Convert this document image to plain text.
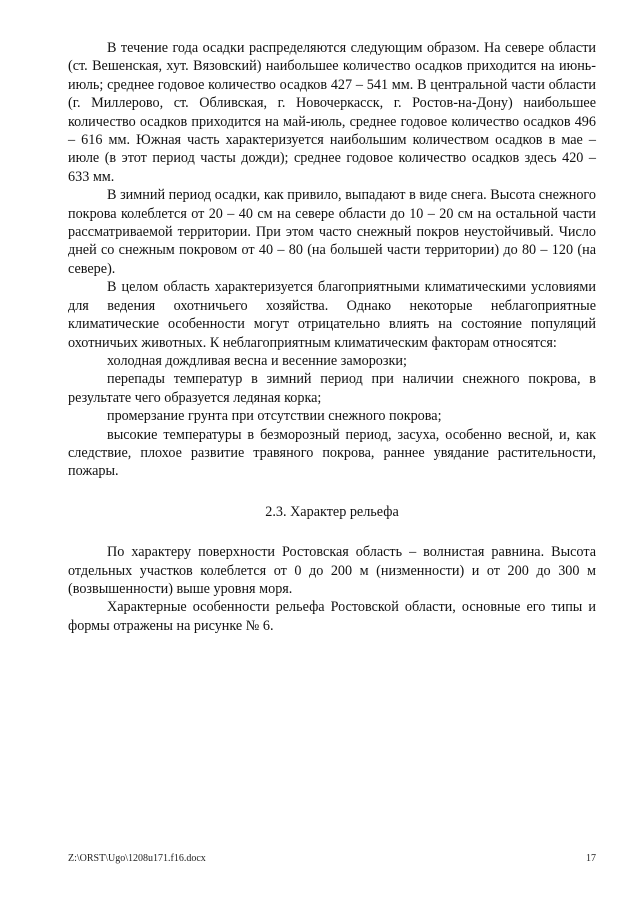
В течение года осадки распределяются следующим образом. На севере области (ст. Вешенская, хут. Вязовский) наибольшее количество осадков приходится на июнь-июль; среднее годовое количество осадков 427 – 541 мм. В центральной части области (г. Миллерово, ст. Обливская, г. Новочеркасск, г. Ростов-на-Дону) наибольшее количество осадков приходится на май-июль, среднее годовое количество осадков 496 – 616 мм. Южная часть характеризуется наибольшим количеством осадков в мае – июле (в этот период часты дожди); среднее годовое количество осадков здесь 420 – 633 мм.

В зимний период осадки, как привило, выпадают в виде снега. Высота снежного покрова колеблется от 20 – 40 см на севере области до 10 – 20 см на остальной части рассматриваемой территории. При этом часто снежный покров неустойчивый. Число дней со снежным покровом от 40 – 80 (на большей части территории) до 80 – 120 (на севере).

В целом область характеризуется благоприятными климатическими условиями для ведения охотничьего хозяйства. Однако некоторые неблагоприятные климатические особенности могут отрицательно влиять на состояние популяций охотничьих животных. К неблагоприятным климатическим факторам относятся:

холодная дождливая весна и весенние заморозки;

перепады температур в зимний период при наличии снежного покрова, в результате чего образуется ледяная корка;

промерзание грунта при отсутствии снежного покрова;

высокие температуры в безморозный период, засуха, особенно весной, и, как следствие, плохое развитие травяного покрова, раннее увядание растительности, пожары.

2.3. Характер рельефа

По характеру поверхности Ростовская область – волнистая равнина. Высота отдельных участков колеблется от 0 до 200 м (низменности) и от 200 до 300 м (возвышенности) выше уровня моря.

Характерные особенности рельефа Ростовской области, основные его типы и формы отражены на рисунке № 6.

Z:\ORST\Ugo\1208u171.f16.docx	17
